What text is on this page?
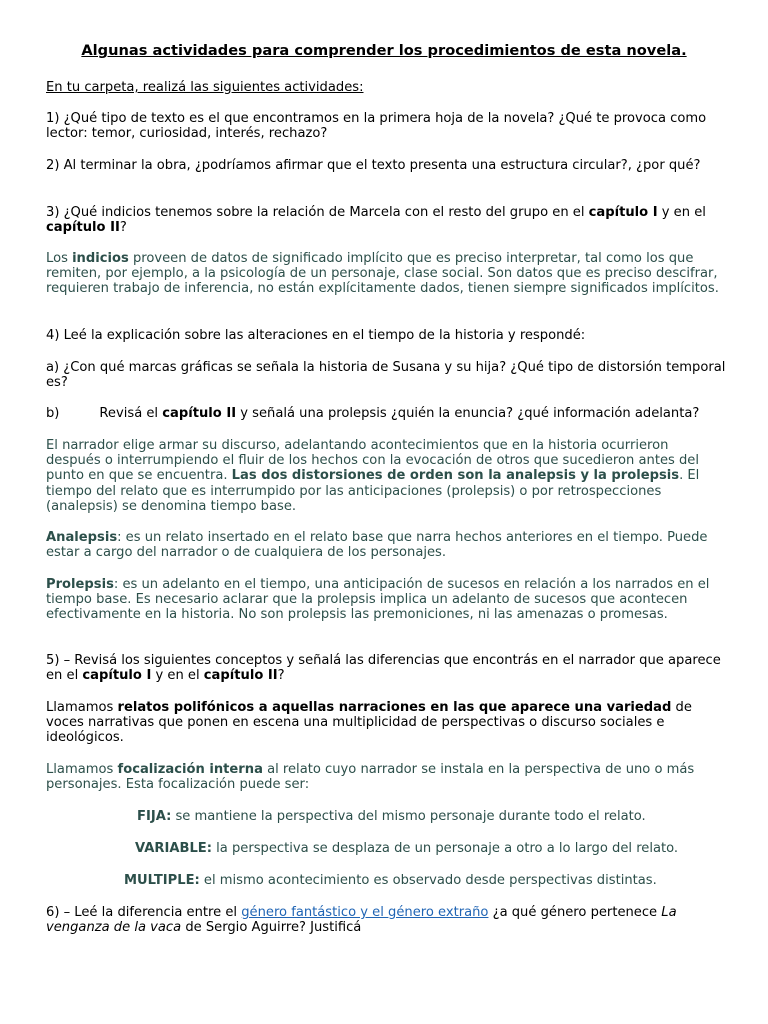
Algunas actividades para comprender los procedimientos de esta novela.

En tu carpeta, realizá las siguientes actividades:

1) ¿Qué tipo de texto es el que encontramos en la primera hoja de la novela? ¿Qué te provoca como lector: temor, curiosidad, interés, rechazo?

2) Al terminar la obra, ¿podríamos afirmar que el texto presenta una estructura circular?, ¿por qué?

3) ¿Qué indicios tenemos sobre la relación de Marcela con el resto del grupo en el capítulo I y en el capítulo II?

Los indicios proveen de datos de significado implícito que es preciso interpretar, tal como los que remiten, por ejemplo, a la psicología de un personaje, clase social. Son datos que es preciso descifrar, requieren trabajo de inferencia, no están explícitamente dados, tienen siempre significados implícitos.

4) Leé la explicación sobre las alteraciones en el tiempo de la historia y respondé:

a) ¿Con qué marcas gráficas se señala la historia de Susana y su hija? ¿Qué tipo de distorsión temporal es?

b)	Revisá el capítulo II y señalá una prolepsis ¿quién la enuncia? ¿qué información adelanta?

El narrador elige armar su discurso, adelantando acontecimientos que en la historia ocurrieron después o interrumpiendo el fluir de los hechos con la evocación de otros que sucedieron antes del punto en que se encuentra. Las dos distorsiones de orden son la analepsis y la prolepsis. El tiempo del relato que es interrumpido por las anticipaciones (prolepsis) o por retrospecciones (analepsis) se denomina tiempo base.

Analepsis: es un relato insertado en el relato base que narra hechos anteriores en el tiempo. Puede estar a cargo del narrador o de cualquiera de los personajes.

Prolepsis: es un adelanto en el tiempo, una anticipación de sucesos en relación a los narrados en el tiempo base. Es necesario aclarar que la prolepsis implica un adelanto de sucesos que acontecen efectivamente en la historia. No son prolepsis las premoniciones, ni las amenazas o promesas.

5) – Revisá los siguientes conceptos y señalá las diferencias que encontrás en el narrador que aparece en el capítulo I y en el capítulo II?

Llamamos relatos polifónicos a aquellas narraciones en las que aparece una variedad de voces narrativas que ponen en escena una multiplicidad de perspectivas o discurso sociales e ideológicos.

Llamamos focalización interna al relato cuyo narrador se instala en la perspectiva de uno o más personajes. Esta focalización puede ser:

FIJA: se mantiene la perspectiva del mismo personaje durante todo el relato.

VARIABLE: la perspectiva se desplaza de un personaje a otro a lo largo del relato.

MULTIPLE: el mismo acontecimiento es observado desde perspectivas distintas.

6) – Leé la diferencia entre el género fantástico y el género extraño ¿a qué género pertenece La venganza de la vaca de Sergio Aguirre? Justificá
